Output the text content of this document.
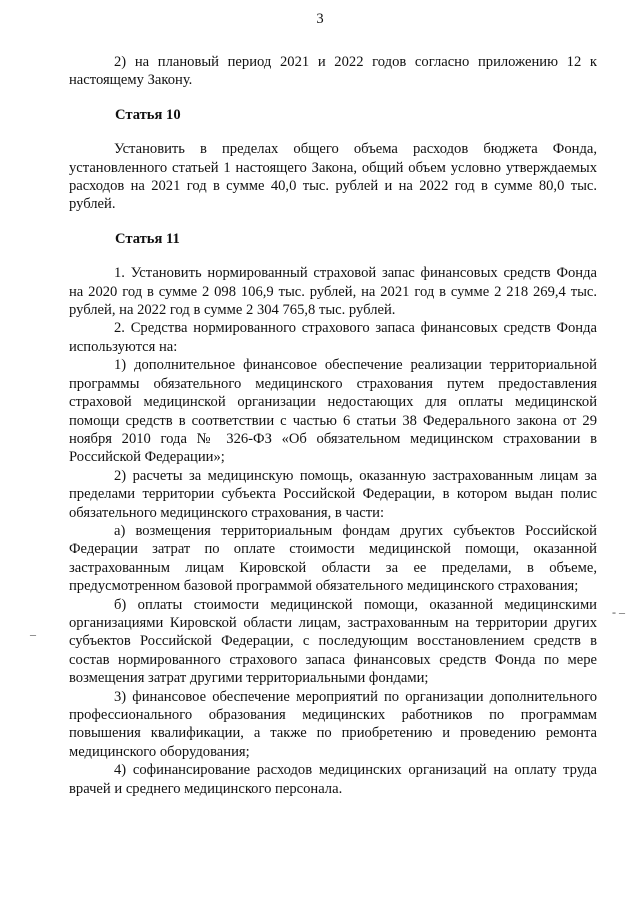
3

2) на плановый период 2021 и 2022 годов согласно приложению 12 к настоящему Закону.

Статья 10

Установить в пределах общего объема расходов бюджета Фонда, установленного статьей 1 настоящего Закона, общий объем условно утверждаемых расходов на 2021 год в сумме 40,0 тыс. рублей и на 2022 год в сумме 80,0 тыс. рублей.

Статья 11

1. Установить нормированный страховой запас финансовых средств Фонда на 2020 год в сумме 2 098 106,9 тыс. рублей, на 2021 год в сумме 2 218 269,4 тыс. рублей, на 2022 год в сумме 2 304 765,8 тыс. рублей.

2. Средства нормированного страхового запаса финансовых средств Фонда используются на:

1) дополнительное финансовое обеспечение реализации территориальной программы обязательного медицинского страхования путем предоставления страховой медицинской организации недостающих для оплаты медицинской помощи средств в соответствии с частью 6 статьи 38 Федерального закона от 29 ноября 2010 года № 326-ФЗ «Об обязательном медицинском страховании в Российской Федерации»;

2) расчеты за медицинскую помощь, оказанную застрахованным лицам за пределами территории субъекта Российской Федерации, в котором выдан полис обязательного медицинского страхования, в части:

а) возмещения территориальным фондам других субъектов Российской Федерации затрат по оплате стоимости медицинской помощи, оказанной застрахованным лицам Кировской области за ее пределами, в объеме, предусмотренном базовой программой обязательного медицинского страхования;

б) оплаты стоимости медицинской помощи, оказанной медицинскими организациями Кировской области лицам, застрахованным на территории других субъектов Российской Федерации, с последующим восстановлением средств в состав нормированного страхового запаса финансовых средств Фонда по мере возмещения затрат другими территориальными фондами;

3) финансовое обеспечение мероприятий по организации дополнительного профессионального образования медицинских работников по программам повышения квалификации, а также по приобретению и проведению ремонта медицинского оборудования;

4) софинансирование расходов медицинских организаций на оплату труда врачей и среднего медицинского персонала.

–
- –
